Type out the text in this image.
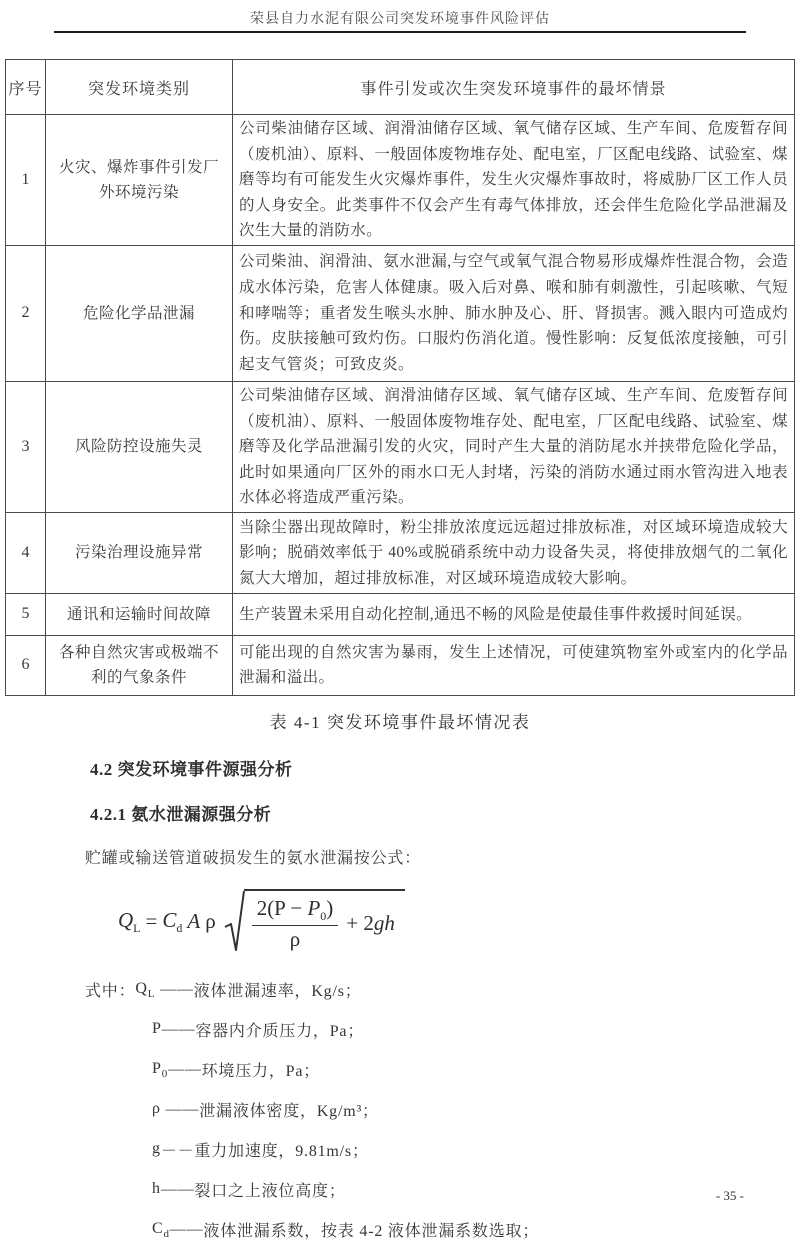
荣县自力水泥有限公司突发环境事件风险评估
序号	突发环境类别	事件引发或次生突发环境事件的最坏情景
1	火灾、爆炸事件引发厂外环境污染	公司柴油储存区域、润滑油储存区域、氧气储存区域、生产车间、危废暂存间（废机油）、原料、一般固体废物堆存处、配电室，厂区配电线路、试验室、煤磨等均有可能发生火灾爆炸事件，发生火灾爆炸事故时，将威胁厂区工作人员的人身安全。此类事件不仅会产生有毒气体排放，还会伴生危险化学品泄漏及次生大量的消防水。
2	危险化学品泄漏	公司柴油、润滑油、氨水泄漏,与空气或氧气混合物易形成爆炸性混合物，会造成水体污染，危害人体健康。吸入后对鼻、喉和肺有刺激性，引起咳嗽、气短和哮喘等；重者发生喉头水肿、肺水肿及心、肝、肾损害。溅入眼内可造成灼伤。皮肤接触可致灼伤。口服灼伤消化道。慢性影响：反复低浓度接触，可引起支气管炎；可致皮炎。
3	风险防控设施失灵	公司柴油储存区域、润滑油储存区域、氧气储存区域、生产车间、危废暂存间（废机油）、原料、一般固体废物堆存处、配电室，厂区配电线路、试验室、煤磨等及化学品泄漏引发的火灾，同时产生大量的消防尾水并挟带危险化学品，此时如果通向厂区外的雨水口无人封堵，污染的消防水通过雨水管沟进入地表水体必将造成严重污染。
4	污染治理设施异常	当除尘器出现故障时，粉尘排放浓度远远超过排放标准，对区域环境造成较大影响；脱硝效率低于 40%或脱硝系统中动力设备失灵，将使排放烟气的二氧化氮大大增加，超过排放标准，对区域环境造成较大影响。
5	通讯和运输时间故障	生产装置未采用自动化控制,通迅不畅的风险是使最佳事件救援时间延误。
6	各种自然灾害或极端不利的气象条件	可能出现的自然灾害为暴雨，发生上述情况，可使建筑物室外或室内的化学品泄漏和溢出。
表 4-1 突发环境事件最坏情况表
4.2 突发环境事件源强分析
4.2.1 氨水泄漏源强分析
贮罐或输送管道破损发生的氨水泄漏按公式：
$Q_L = C_d$ A ρ $\frac{2(P - P_0)}{\rho} + 2gh$
式中： $Q_L$ —— 液体泄漏速率，Kg/s；
P —— 容器内介质压力，Pa；
$P_0$ —— 环境压力，Pa；
ρ —— 泄漏液体密度，Kg/m³；
g －－ 重力加速度，9.81m/s；
h —— 裂口之上液位高度；
$C_d$ —— 液体泄漏系数，按表 4-2 液体泄漏系数选取；
- 35 -
